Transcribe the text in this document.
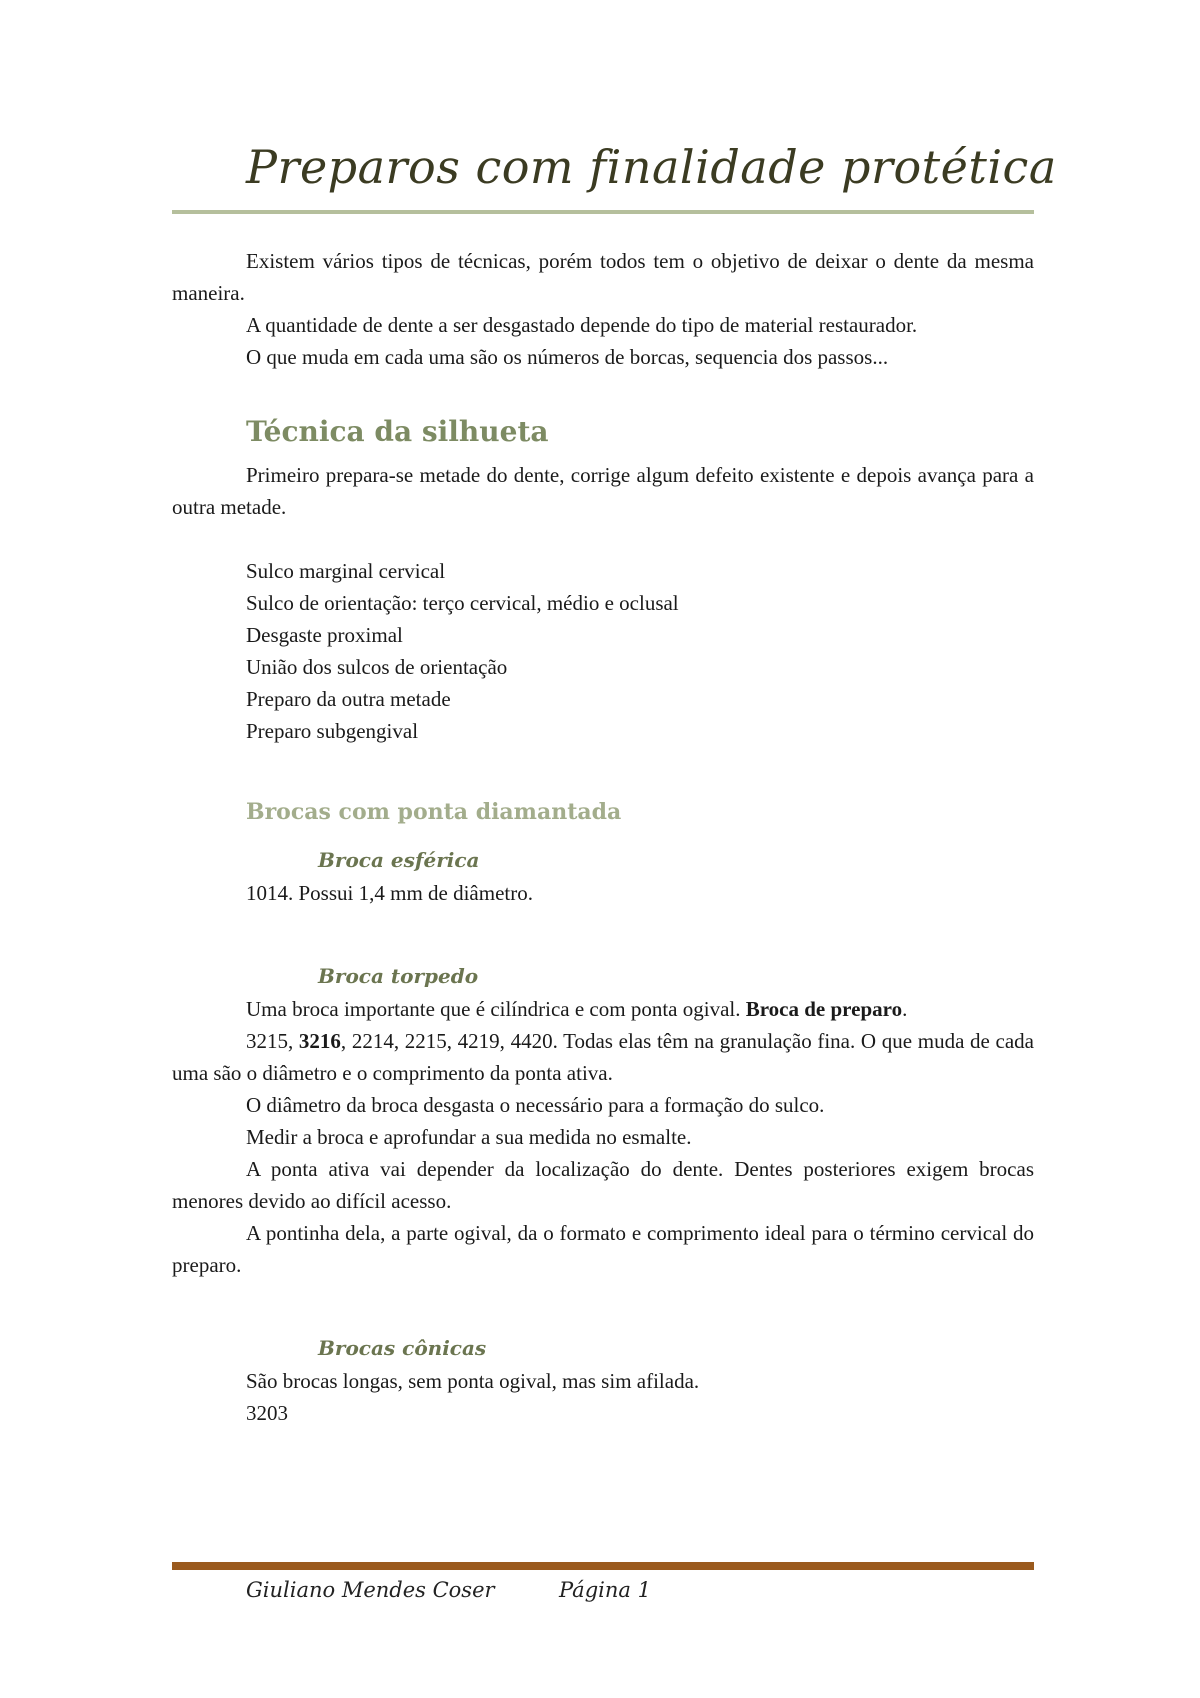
Preparos com finalidade protética

Existem vários tipos de técnicas, porém todos tem o objetivo de deixar o dente da mesma maneira.

A quantidade de dente a ser desgastado depende do tipo de material restaurador.

O que muda em cada uma são os números de borcas, sequencia dos passos...

Técnica da silhueta

Primeiro prepara-se metade do dente, corrige algum defeito existente e depois avança para a outra metade.

Sulco marginal cervical

Sulco de orientação: terço cervical, médio e oclusal

Desgaste proximal

União dos sulcos de orientação

Preparo da outra metade

Preparo subgengival

Brocas com ponta diamantada
Broca esférica

1014. Possui 1,4 mm de diâmetro.

Broca torpedo

Uma broca importante que é cilíndrica e com ponta ogival. Broca de preparo.

3215, 3216, 2214, 2215, 4219, 4420. Todas elas têm na granulação fina. O que muda de cada uma são o diâmetro e o comprimento da ponta ativa.

O diâmetro da broca desgasta o necessário para a formação do sulco.

Medir a broca e aprofundar a sua medida no esmalte.

A ponta ativa vai depender da localização do dente. Dentes posteriores exigem brocas menores devido ao difícil acesso.

A pontinha dela, a parte ogival, da o formato e comprimento ideal para o término cervical do preparo.

Brocas cônicas

São brocas longas, sem ponta ogival, mas sim afilada.

3203

Giuliano Mendes Coser	Página 1
